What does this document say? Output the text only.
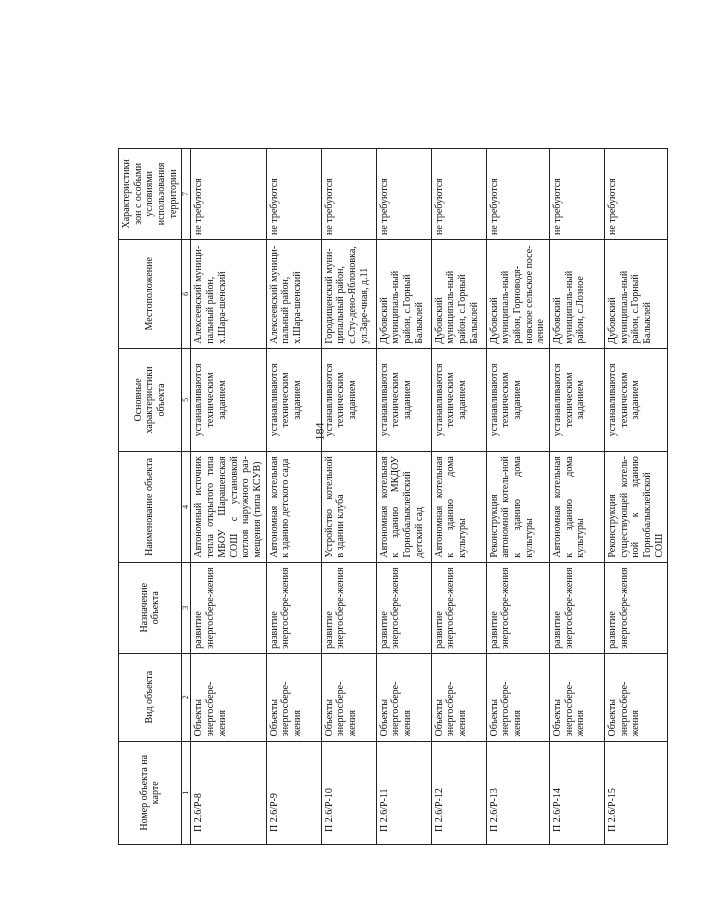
184
Номер объекта на карте	Вид объекта	Назначение объекта	Наименование объекта	Основные характеристики объекта	Местоположение	Характеристики зон с особыми условиями использования территории
1	2	3	4	5	6	7
П 2.6/Р-8	Объекты энергосбере-жения	развитие энергосбере-жения	Автономный источник тепла открытого типа МБОУ Шарашенская СОШ с установкой котлов наружного раз-мещения (типа КСУВ)	устанавливаются техническим заданием	Алексеевский муници-пальный район, х.Шара-шенский	не требуются
П 2.6/Р-9	Объекты энергосбере-жения	развитие энергосбере-жения	Автономная котельная к зданию детского сада	устанавливаются техническим заданием	Алексеевский муници-пальный район, х.Шара-шенский	не требуются
П 2.6/Р-10	Объекты энергосбере-жения	развитие энергосбере-жения	Устройство котельной в здании клуба	устанавливаются техническим заданием	Городищенский муни-ципальный район, с.Сту-дено-Яблоновка, ул.Заре-чная, д.11	не требуются
П 2.6/Р-11	Объекты энергосбере-жения	развитие энергосбере-жения	Автономная котельная к зданию МКДОУ Горнобалыклейский детский сад	устанавливаются техническим заданием	Дубовский муниципаль-ный район, с.Горный Балыклей	не требуются
П 2.6/Р-12	Объекты энергосбере-жения	развитие энергосбере-жения	Автономная котельная к зданию дома культуры	устанавливаются техническим заданием	Дубовский муниципаль-ный район, с.Горный Балыклей	не требуются
П 2.6/Р-13	Объекты энергосбере-жения	развитие энергосбере-жения	Реконструкция автономной котель-ной к зданию дома культуры	устанавливаются техническим заданием	Дубовский муниципаль-ный район, Горноводя-новское сельское посе-ление	не требуются
П 2.6/Р-14	Объекты энергосбере-жения	развитие энергосбере-жения	Автономная котельная к зданию дома культуры	устанавливаются техническим заданием	Дубовский муниципаль-ный район, с.Лозное	не требуются
П 2.6/Р-15	Объекты энергосбере-жения	развитие энергосбере-жения	Реконструкция существующей котель-ной к зданию Горнобалыклейской СОШ	устанавливаются техническим заданием	Дубовский муниципаль-ный район, с.Горный Балыклей	не требуются
